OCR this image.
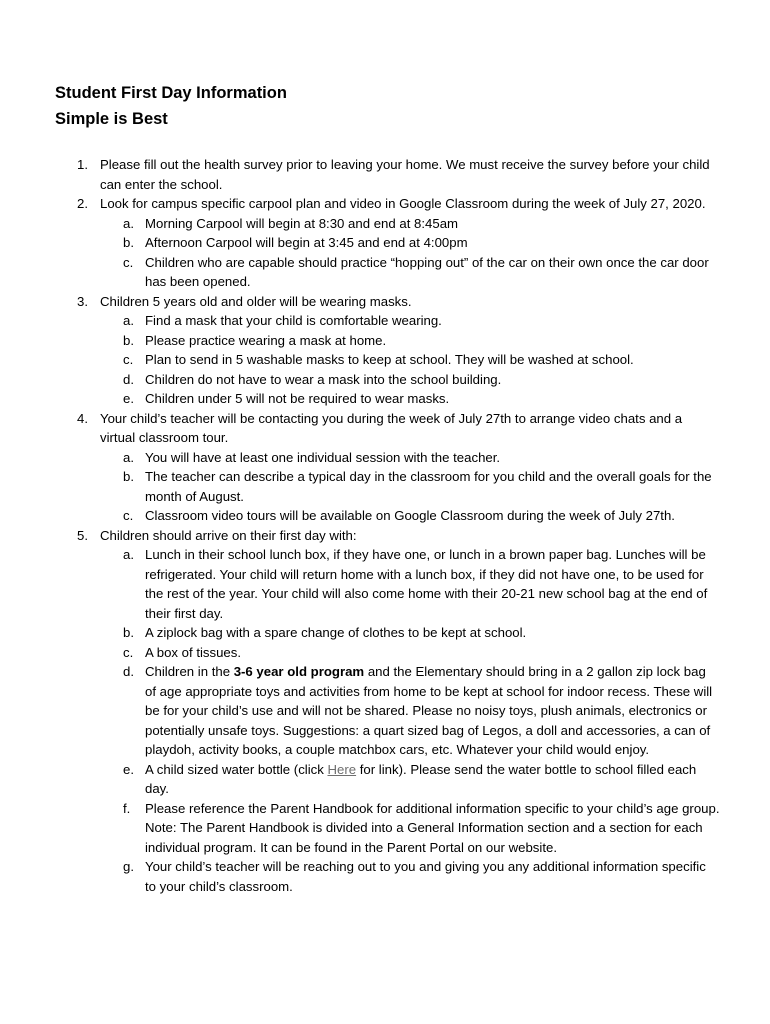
Student First Day Information
Simple is Best
1. Please fill out the health survey prior to leaving your home. We must receive the survey before your child can enter the school.
2. Look for campus specific carpool plan and video in Google Classroom during the week of July 27, 2020.
a. Morning Carpool will begin at 8:30 and end at 8:45am
b. Afternoon Carpool will begin at 3:45 and end at 4:00pm
c. Children who are capable should practice “hopping out” of the car on their own once the car door has been opened.
3. Children 5 years old and older will be wearing masks.
a. Find a mask that your child is comfortable wearing.
b. Please practice wearing a mask at home.
c. Plan to send in 5 washable masks to keep at school. They will be washed at school.
d. Children do not have to wear a mask into the school building.
e. Children under 5 will not be required to wear masks.
4. Your child’s teacher will be contacting you during the week of July 27th to arrange video chats and a virtual classroom tour.
a. You will have at least one individual session with the teacher.
b. The teacher can describe a typical day in the classroom for you child and the overall goals for the month of August.
c. Classroom video tours will be available on Google Classroom during the week of July 27th.
5. Children should arrive on their first day with:
a. Lunch in their school lunch box, if they have one, or lunch in a brown paper bag. Lunches will be refrigerated. Your child will return home with a lunch box, if they did not have one, to be used for the rest of the year. Your child will also come home with their 20-21 new school bag at the end of their first day.
b. A ziplock bag with a spare change of clothes to be kept at school.
c. A box of tissues.
d. Children in the 3-6 year old program and the Elementary should bring in a 2 gallon zip lock bag of age appropriate toys and activities from home to be kept at school for indoor recess. These will be for your child’s use and will not be shared. Please no noisy toys, plush animals, electronics or potentially unsafe toys. Suggestions: a quart sized bag of Legos, a doll and accessories, a can of playdoh, activity books, a couple matchbox cars, etc. Whatever your child would enjoy.
e. A child sized water bottle (click Here for link). Please send the water bottle to school filled each day.
f. Please reference the Parent Handbook for additional information specific to your child’s age group. Note: The Parent Handbook is divided into a General Information section and a section for each individual program. It can be found in the Parent Portal on our website.
g. Your child’s teacher will be reaching out to you and giving you any additional information specific to your child’s classroom.
